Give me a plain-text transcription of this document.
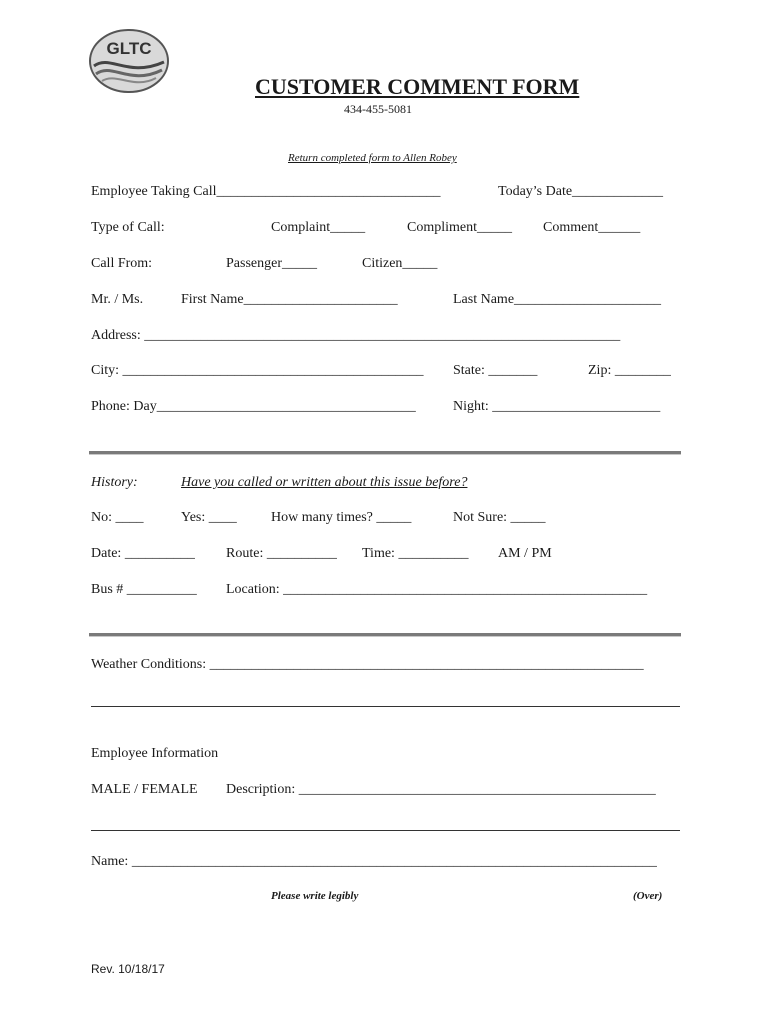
GLTC
CUSTOMER COMMENT FORM
434-455-5081
Return completed form to Allen Robey
Employee Taking Call________________________________	Today’s Date_____________
Type of Call:	Complaint_____	Compliment_____ Comment______
Call From:	Passenger_____	Citizen_____
Mr. / Ms.	First Name______________________	Last Name_____________________
Address: ____________________________________________________________________
City: ___________________________________________ State: _______	Zip: ________
Phone: Day_____________________________________	Night: ________________________
History:	Have you called or written about this issue before?
No: ____	Yes: ____ How many times? _____	Not Sure: _____
Date: __________ Route: __________ Time: __________ AM / PM
Bus # __________ Location: ____________________________________________________
Weather Conditions: ______________________________________________________________
Employee Information
MALE / FEMALE Description: ___________________________________________________
Name: ___________________________________________________________________________
Please write legibly	(Over)
Rev. 10/18/17
